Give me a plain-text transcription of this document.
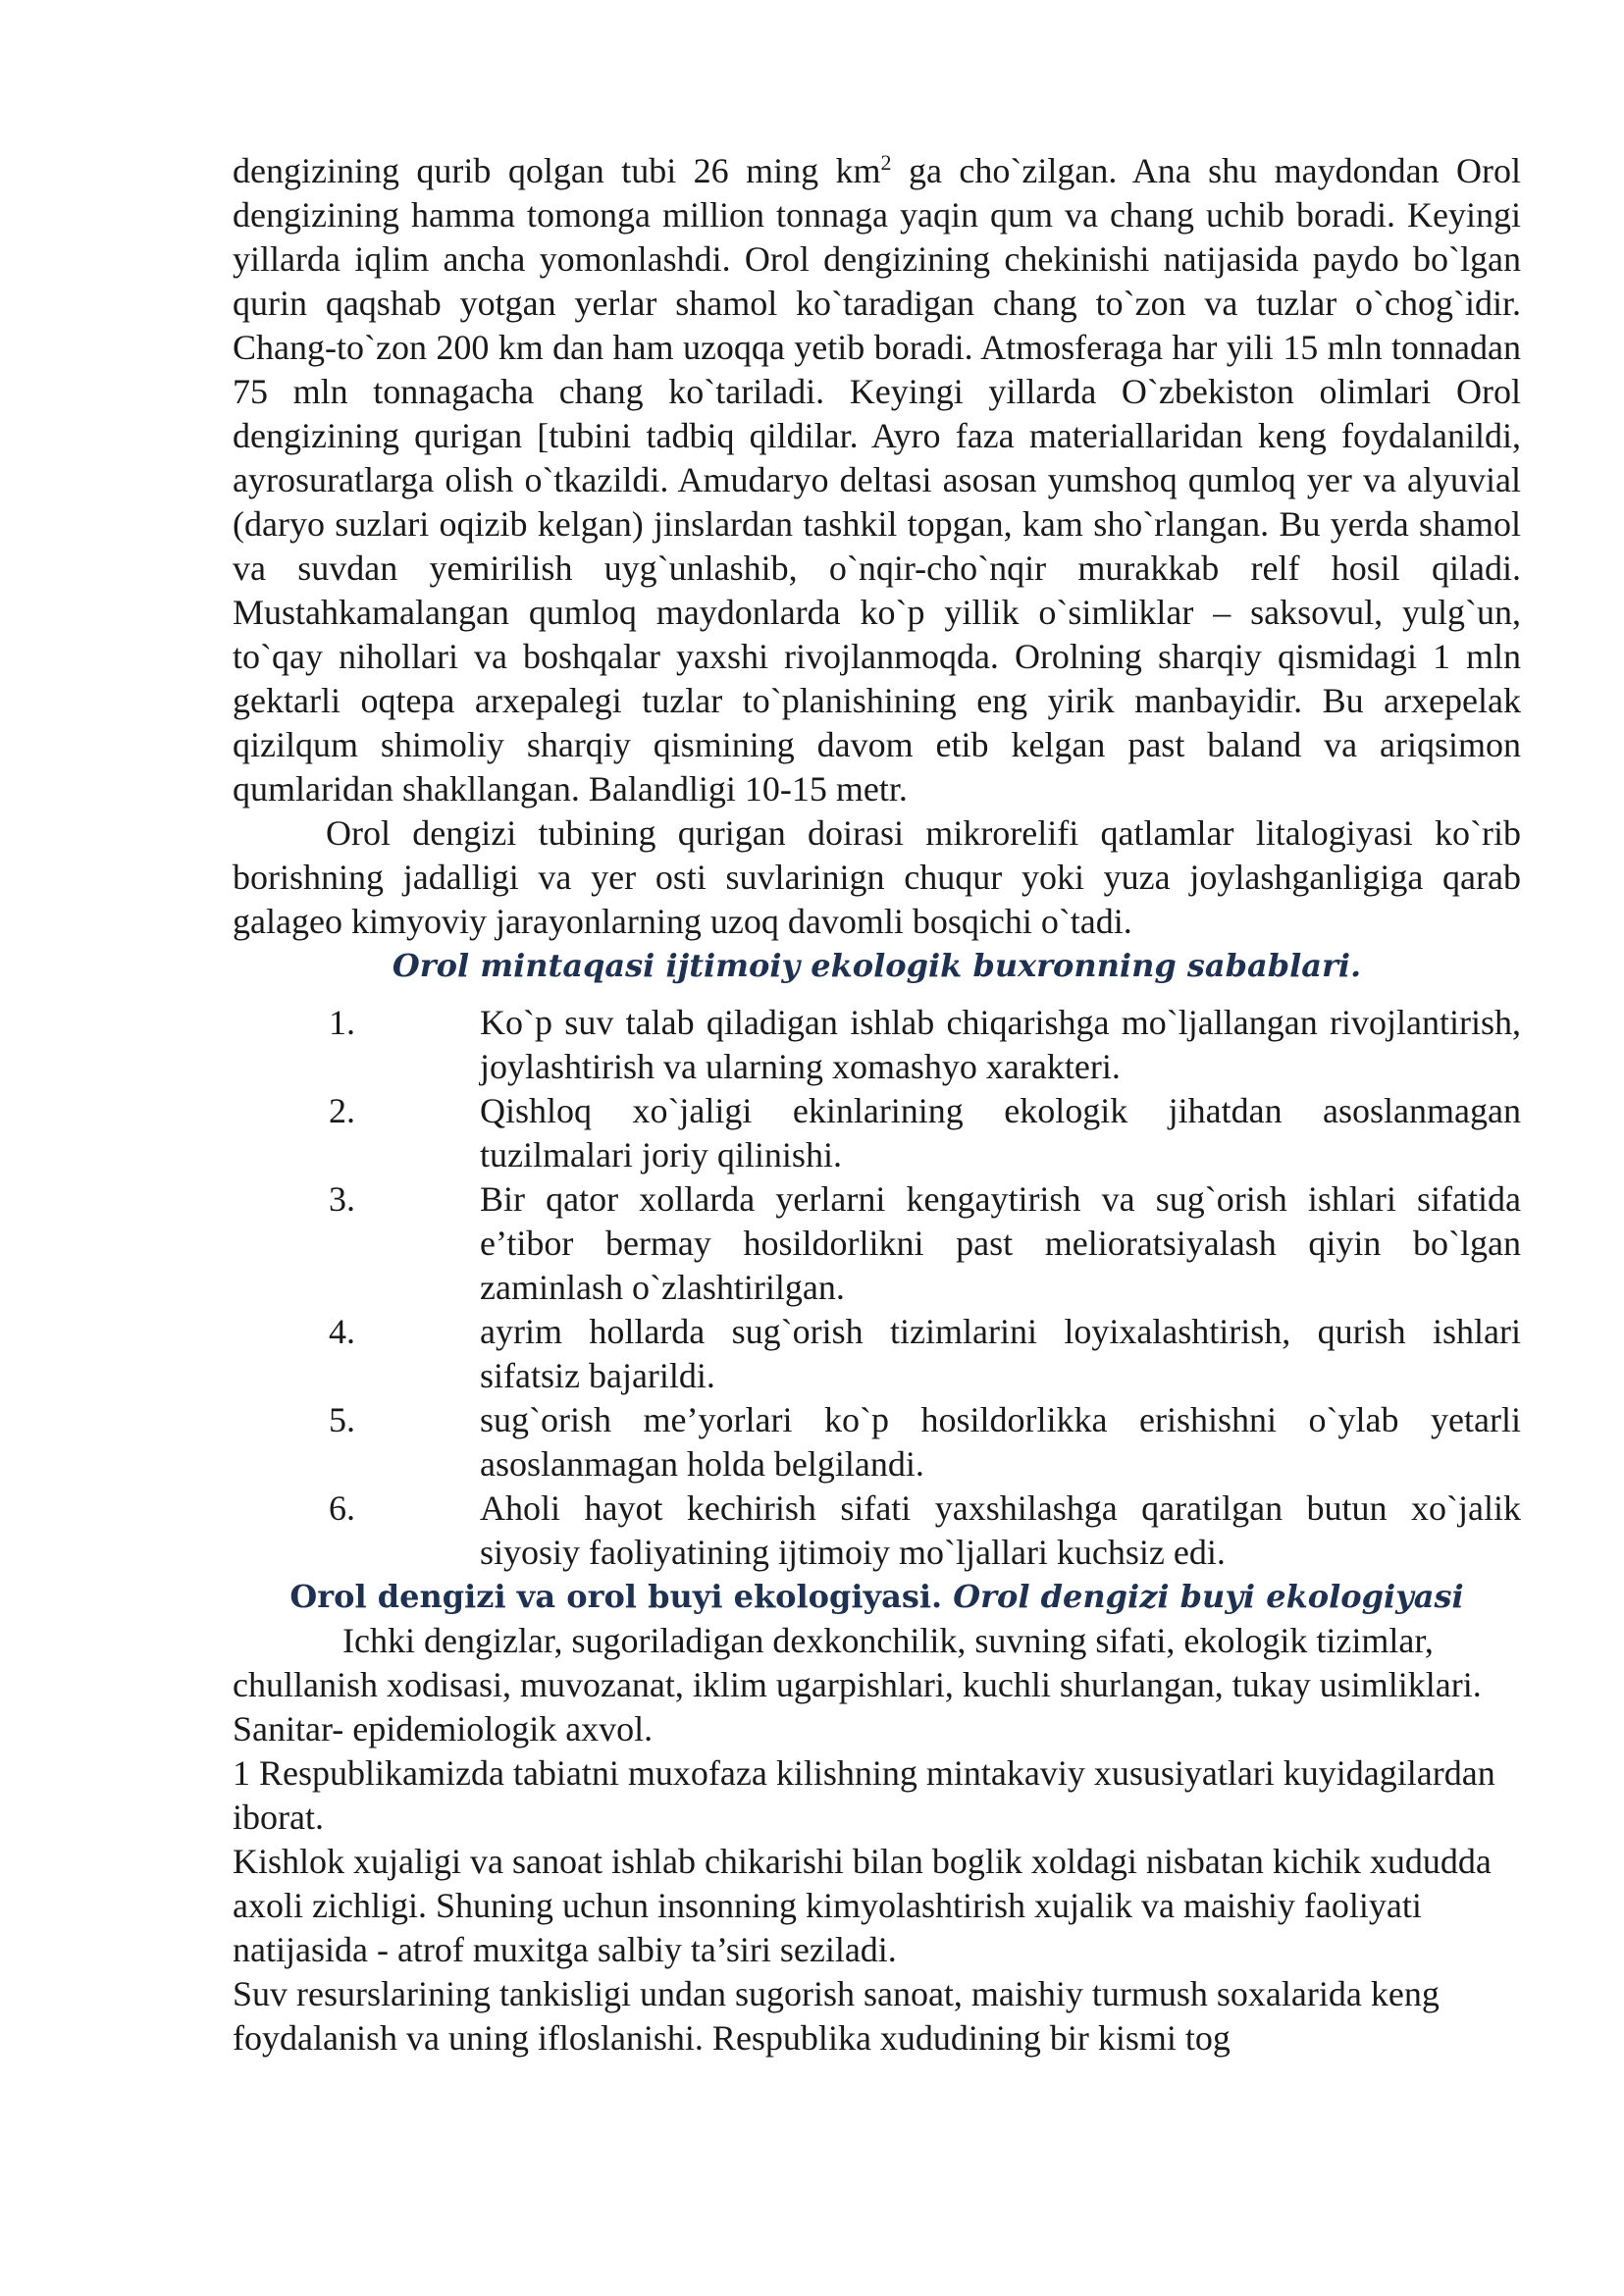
dengizining qurib qolgan tubi 26 ming $km^2$ ga cho`zilgan. Ana shu maydondan Orol dengizining hamma tomonga million tonnaga yaqin qum va chang uchib boradi. Keyingi yillarda iqlim ancha yomonlashdi. Orol dengizining chekinishi natijasida paydo bo`lgan qurin qaqshab yotgan yerlar shamol ko`taradigan chang to`zon va tuzlar o`chog`idir. Chang-to`zon 200 km dan ham uzoqqa yetib boradi. Atmosferaga har yili 15 mln tonnadan 75 mln tonnagacha chang ko`tariladi. Keyingi yillarda O`zbekiston olimlari Orol dengizining qurigan [tubini tadbiq qildilar. Ayro faza materiallaridan keng foydalanildi, ayrosuratlarga olish o`tkazildi. Amudaryo deltasi asosan yumshoq qumloq yer va alyuvial (daryo suzlari oqizib kelgan) jinslardan tashkil topgan, kam sho`rlangan. Bu yerda shamol va suvdan yemirilish uyg`unlashib, o`nqir-cho`nqir murakkab relf hosil qiladi. Mustahkamalangan qumloq maydonlarda ko`p yillik o`simliklar – saksovul, yulg`un, to`qay nihollari va boshqalar yaxshi rivojlanmoqda. Orolning sharqiy qismidagi 1 mln gektarli oqtepa arxepalegi tuzlar to`planishining eng yirik manbayidir. Bu arxepelak qizilqum shimoliy sharqiy qismining davom etib kelgan past baland va ariqsimon qumlaridan shakllangan. Balandligi 10-15 metr.

Orol dengizi tubining qurigan doirasi mikrorelifi qatlamlar litalogiyasi ko`rib borishning jadalligi va yer osti suvlarinign chuqur yoki yuza joylashganligiga qarab galageo kimyoviy jarayonlarning uzoq davomli bosqichi o`tadi.

Orol mintaqasi ijtimoiy ekologik buxronning sabablari.

1.	Ko`p suv talab qiladigan ishlab chiqarishga mo`ljallangan rivojlantirish, joylashtirish va ularning xomashyo xarakteri.
2.	Qishloq xo`jaligi ekinlarining ekologik jihatdan asoslanmagan tuzilmalari joriy qilinishi.
3.	Bir qator xollarda yerlarni kengaytirish va sug`orish ishlari sifatida e’tibor bermay hosildorlikni past melioratsiyalash qiyin bo`lgan zaminlash o`zlashtirilgan.
4.	ayrim hollarda sug`orish tizimlarini loyixalashtirish, qurish ishlari sifatsiz bajarildi.
5.	sug`orish me’yorlari ko`p hosildorlikka erishishni o`ylab yetarli asoslanmagan holda belgilandi.
6.	Aholi hayot kechirish sifati yaxshilashga qaratilgan butun xo`jalik siyosiy faoliyatining ijtimoiy mo`ljallari kuchsiz edi.

Orol dengizi va orol buyi ekologiyasi. Orol dengizi buyi ekologiyasi

Ichki dengizlar, sugoriladigan dexkonchilik, suvning sifati, ekologik tizimlar, chullanish xodisasi, muvozanat, iklim ugarpishlari, kuchli shurlangan, tukay usimliklari. Sanitar- epidemiologik axvol.

1 Respublikamizda tabiatni muxofaza kilishning mintakaviy xususiyatlari kuyidagilardan iborat.

Kishlok xujaligi va sanoat ishlab chikarishi bilan boglik xoldagi nisbatan kichik xududda axoli zichligi. Shuning uchun insonning kimyolashtirish xujalik va maishiy faoliyati natijasida - atrof muxitga salbiy ta’siri seziladi.

Suv resurslarining tankisligi undan sugorish sanoat, maishiy turmush soxalarida keng foydalanish va uning ifloslanishi. Respublika xududining bir kismi tog
